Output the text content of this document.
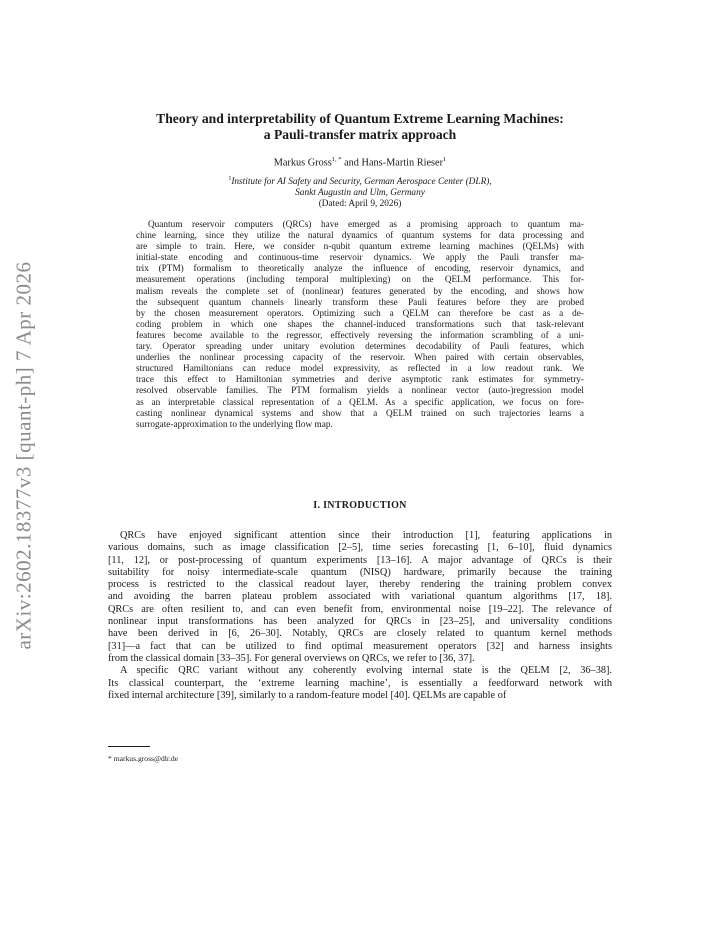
arXiv:2602.18377v3 [quant-ph] 7 Apr 2026
Theory and interpretability of Quantum Extreme Learning Machines:
a Pauli-transfer matrix approach
Markus Gross$^{1, *}$ and Hans-Martin Rieser$^1$
$^1$Institute for AI Safety and Security, German Aerospace Center (DLR),
Sankt Augustin and Ulm, Germany
(Dated: April 9, 2026)
Quantum reservoir computers (QRCs) have emerged as a promising approach to quantum ma-
chine learning, since they utilize the natural dynamics of quantum systems for data processing and
are simple to train. Here, we consider n-qubit quantum extreme learning machines (QELMs) with
initial-state encoding and continuous-time reservoir dynamics. We apply the Pauli transfer ma-
trix (PTM) formalism to theoretically analyze the influence of encoding, reservoir dynamics, and
measurement operations (including temporal multiplexing) on the QELM performance. This for-
malism reveals the complete set of (nonlinear) features generated by the encoding, and shows how
the subsequent quantum channels linearly transform these Pauli features before they are probed
by the chosen measurement operators. Optimizing such a QELM can therefore be cast as a de-
coding problem in which one shapes the channel-induced transformations such that task-relevant
features become available to the regressor, effectively reversing the information scrambling of a uni-
tary. Operator spreading under unitary evolution determines decodability of Pauli features, which
underlies the nonlinear processing capacity of the reservoir. When paired with certain observables,
structured Hamiltonians can reduce model expressivity, as reflected in a low readout rank. We
trace this effect to Hamiltonian symmetries and derive asymptotic rank estimates for symmetry-
resolved observable families. The PTM formalism yields a nonlinear vector (auto-)regression model
as an interpretable classical representation of a QELM. As a specific application, we focus on fore-
casting nonlinear dynamical systems and show that a QELM trained on such trajectories learns a
surrogate-approximation to the underlying flow map.
I. INTRODUCTION
QRCs have enjoyed significant attention since their introduction [1], featuring applications in
various domains, such as image classification [2–5], time series forecasting [1, 6–10], fluid dynamics
[11, 12], or post-processing of quantum experiments [13–16]. A major advantage of QRCs is their
suitability for noisy intermediate-scale quantum (NISQ) hardware, primarily because the training
process is restricted to the classical readout layer, thereby rendering the training problem convex
and avoiding the barren plateau problem associated with variational quantum algorithms [17, 18].
QRCs are often resilient to, and can even benefit from, environmental noise [19–22]. The relevance of
nonlinear input transformations has been analyzed for QRCs in [23–25], and universality conditions
have been derived in [6, 26–30]. Notably, QRCs are closely related to quantum kernel methods
[31]—a fact that can be utilized to find optimal measurement operators [32] and harness insights
from the classical domain [33–35]. For general overviews on QRCs, we refer to [36, 37].
A specific QRC variant without any coherently evolving internal state is the QELM [2, 36–38].
Its classical counterpart, the ‘extreme learning machine’, is essentially a feedforward network with
fixed internal architecture [39], similarly to a random-feature model [40]. QELMs are capable of
* markus.gross@dlr.de
